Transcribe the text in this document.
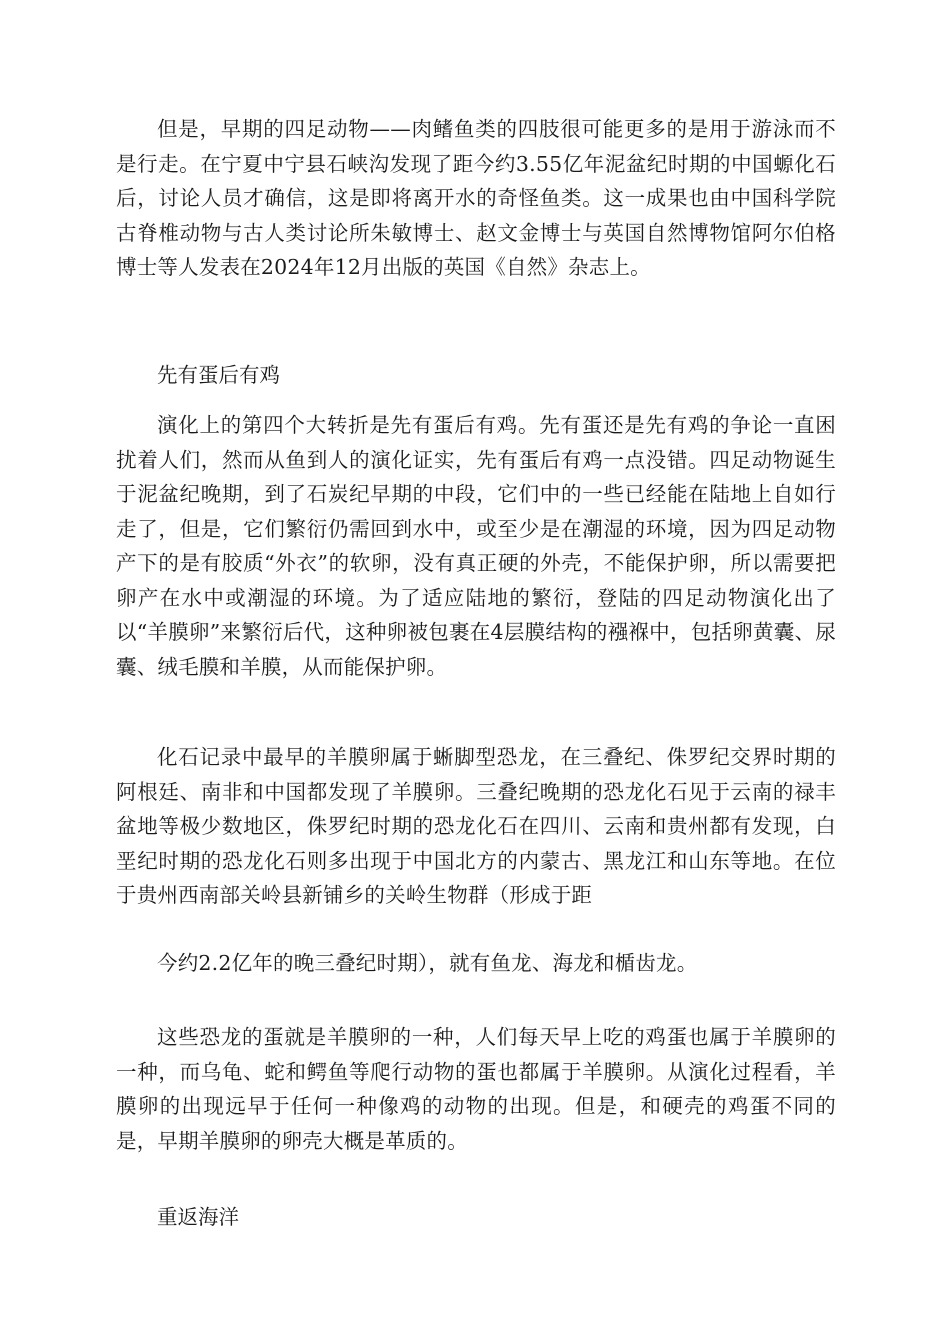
但是，早期的四足动物——肉鳍鱼类的四肢很可能更多的是用于游泳而不是行走。在宁夏中宁县石峡沟发现了距今约3.55亿年泥盆纪时期的中国螈化石后，讨论人员才确信，这是即将离开水的奇怪鱼类。这一成果也由中国科学院古脊椎动物与古人类讨论所朱敏博士、赵文金博士与英国自然博物馆阿尔伯格博士等人发表在2024年12月出版的英国《自然》杂志上。

先有蛋后有鸡

演化上的第四个大转折是先有蛋后有鸡。先有蛋还是先有鸡的争论一直困扰着人们，然而从鱼到人的演化证实，先有蛋后有鸡一点没错。四足动物诞生于泥盆纪晚期，到了石炭纪早期的中段，它们中的一些已经能在陆地上自如行走了，但是，它们繁衍仍需回到水中，或至少是在潮湿的环境，因为四足动物产下的是有胶质“外衣”的软卵，没有真正硬的外壳，不能保护卵，所以需要把卵产在水中或潮湿的环境。为了适应陆地的繁衍，登陆的四足动物演化出了以“羊膜卵”来繁衍后代，这种卵被包裹在4层膜结构的襁褓中，包括卵黄囊、尿囊、绒毛膜和羊膜，从而能保护卵。

化石记录中最早的羊膜卵属于蜥脚型恐龙，在三叠纪、侏罗纪交界时期的阿根廷、南非和中国都发现了羊膜卵。三叠纪晚期的恐龙化石见于云南的禄丰盆地等极少数地区，侏罗纪时期的恐龙化石在四川、云南和贵州都有发现，白垩纪时期的恐龙化石则多出现于中国北方的内蒙古、黑龙江和山东等地。在位于贵州西南部关岭县新铺乡的关岭生物群（形成于距

今约2.2亿年的晚三叠纪时期），就有鱼龙、海龙和楯齿龙。

这些恐龙的蛋就是羊膜卵的一种，人们每天早上吃的鸡蛋也属于羊膜卵的一种，而乌龟、蛇和鳄鱼等爬行动物的蛋也都属于羊膜卵。从演化过程看，羊膜卵的出现远早于任何一种像鸡的动物的出现。但是，和硬壳的鸡蛋不同的是，早期羊膜卵的卵壳大概是革质的。

重返海洋
